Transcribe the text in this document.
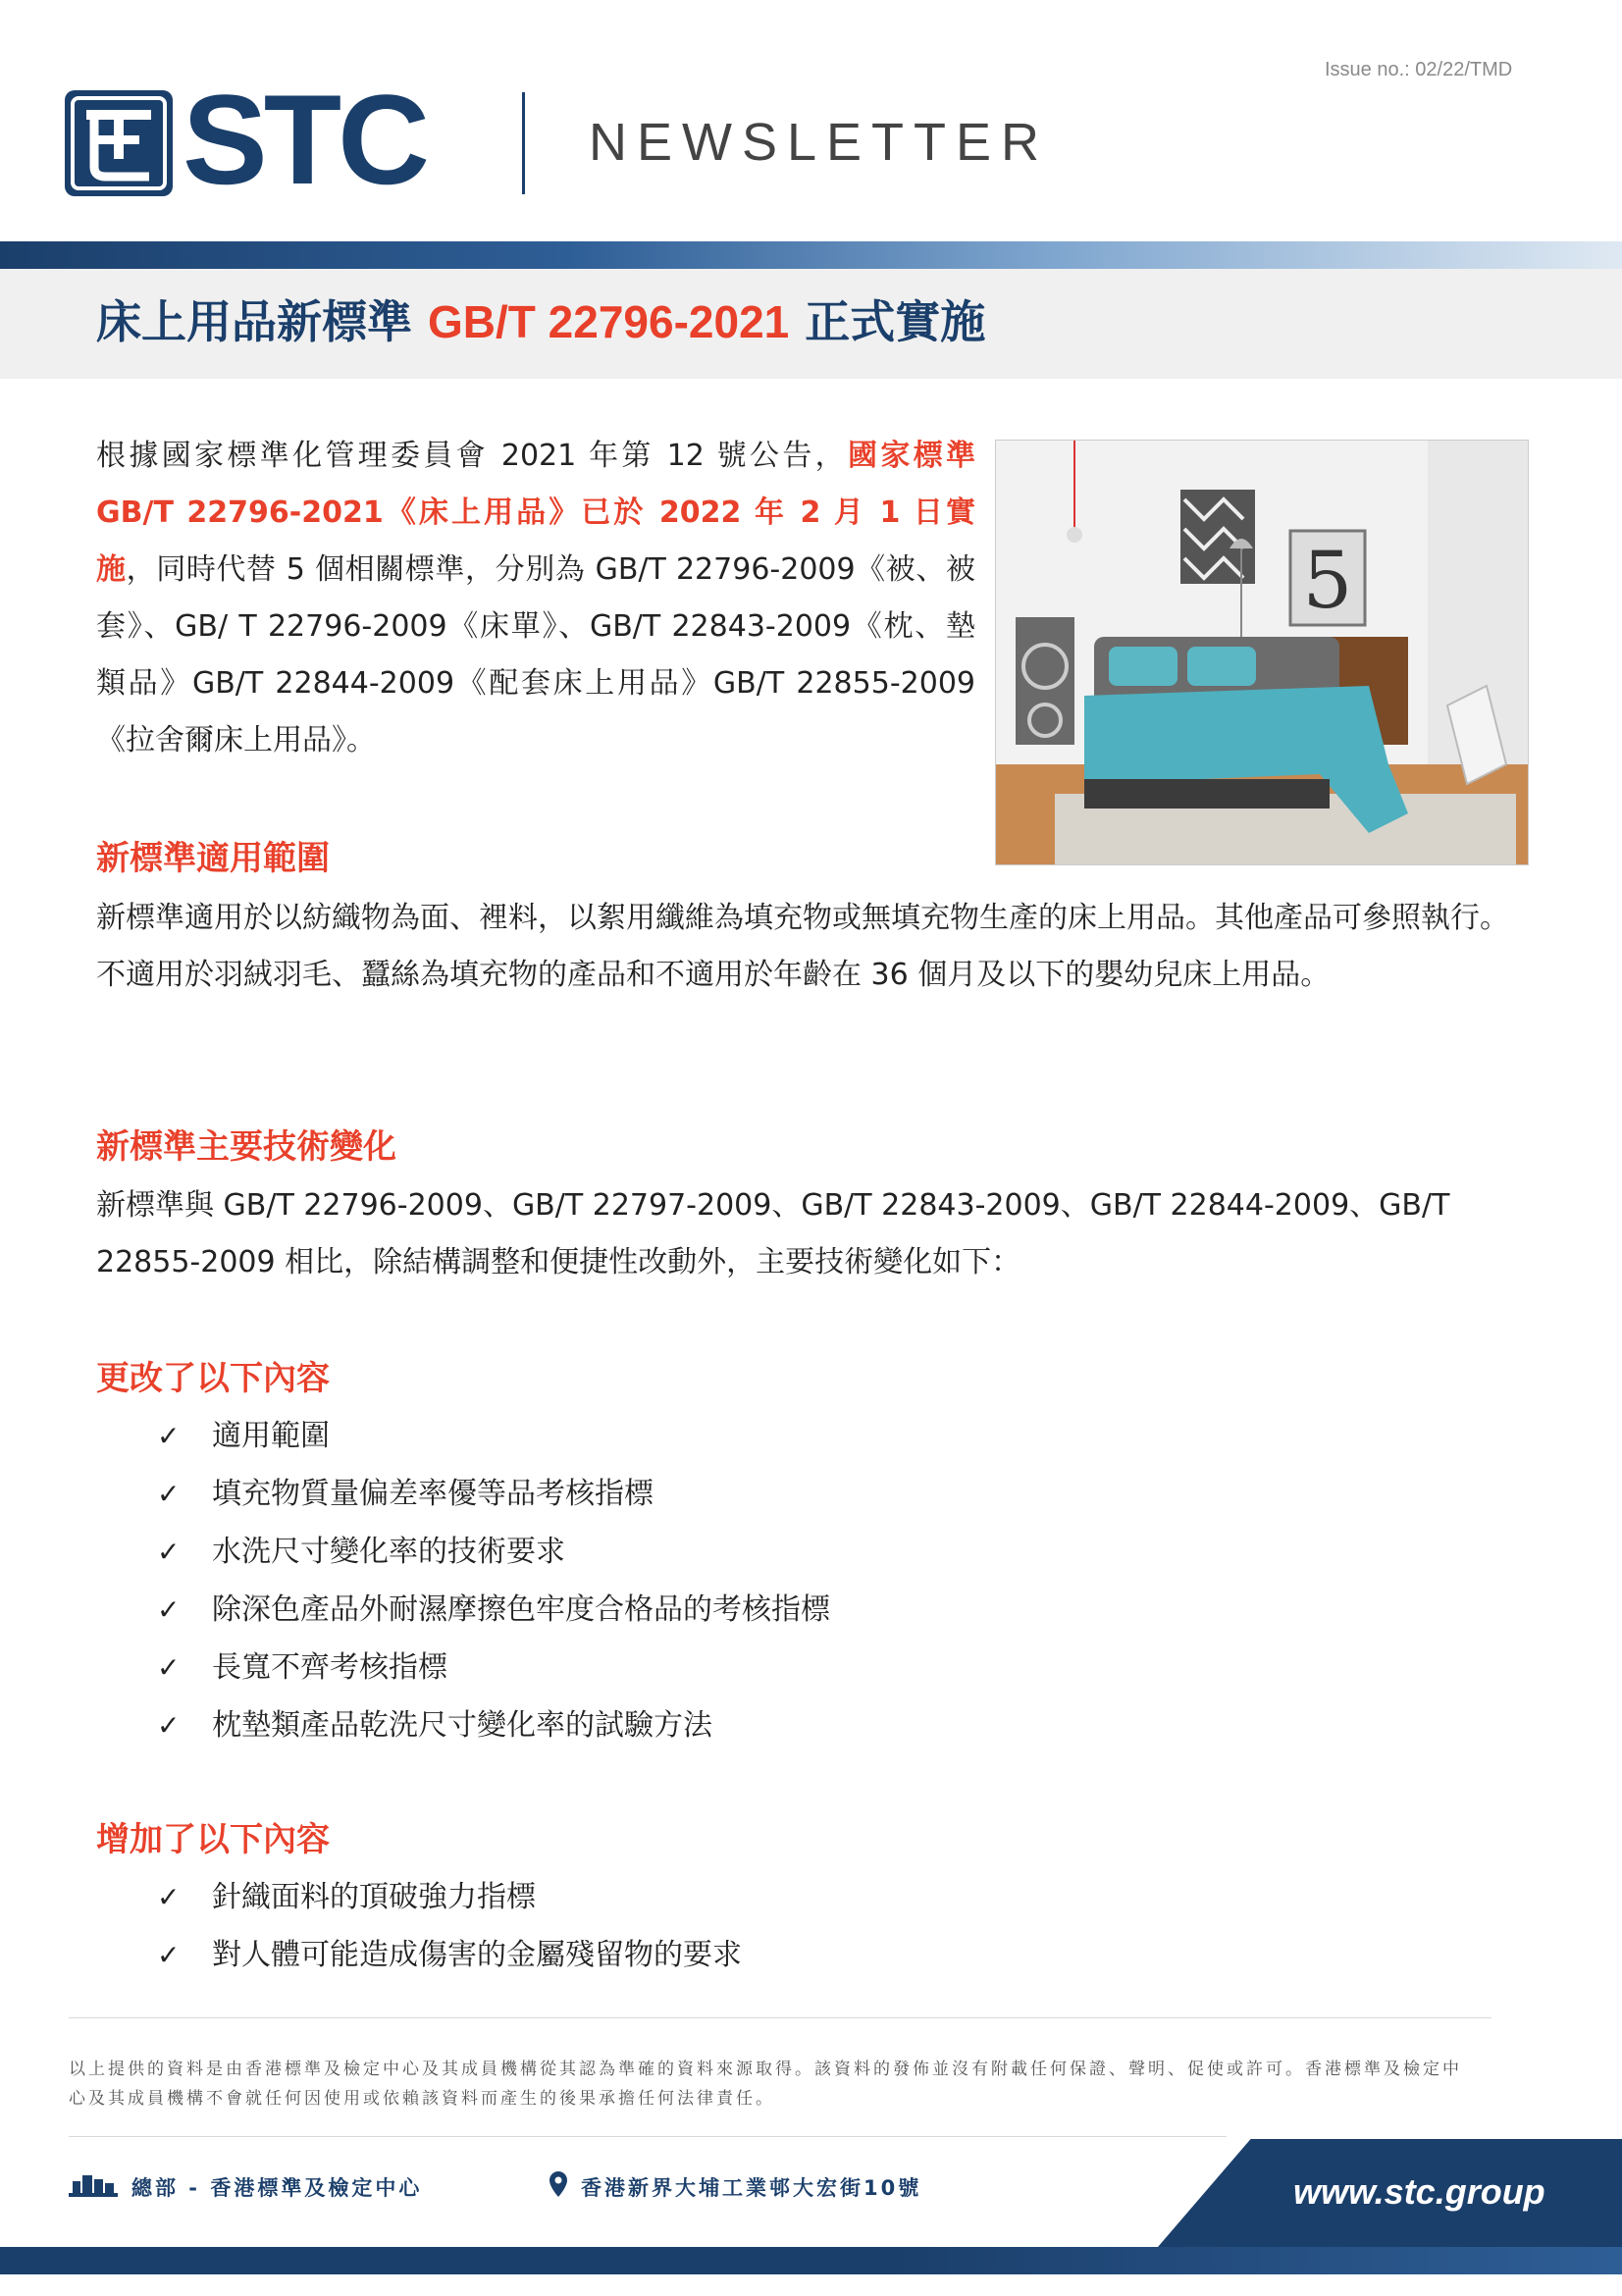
Issue no.: 02/22/TMD
STC	NEWSLETTER
床上用品新標準 GB/T 22796-2021 正式實施
根據國家標準化管理委員會 2021 年第 12 號公告，國家標準 GB/T 22796-2021《床上用品》已於 2022 年 2 月 1 日實施，同時代替 5 個相關標準，分別為 GB/T 22796-2009《被、被套》、GB/ T 22796-2009《床單》、GB/T 22843-2009《枕、墊類品》GB/T 22844-2009《配套床上用品》GB/T 22855-2009《拉舍爾床上用品》。
5
新標準適用範圍
新標準適用於以紡織物為面、裡料，以絮用纖維為填充物或無填充物生產的床上用品。其他產品可參照執行。不適用於羽絨羽毛、蠶絲為填充物的產品和不適用於年齡在 36 個月及以下的嬰幼兒床上用品。
新標準主要技術變化
新標準與 GB/T 22796-2009、GB/T 22797-2009、GB/T 22843-2009、GB/T 22844-2009、GB/T 22855-2009 相比，除結構調整和便捷性改動外，主要技術變化如下：
更改了以下內容
✓ 適用範圍
✓ 填充物質量偏差率優等品考核指標
✓ 水洗尺寸變化率的技術要求
✓ 除深色產品外耐濕摩擦色牢度合格品的考核指標
✓ 長寬不齊考核指標
✓ 枕墊類產品乾洗尺寸變化率的試驗方法
增加了以下內容
✓ 針織面料的頂破強力指標
✓ 對人體可能造成傷害的金屬殘留物的要求
以上提供的資料是由香港標準及檢定中心及其成員機構從其認為準確的資料來源取得。該資料的發佈並沒有附載任何保證、聲明、促使或許可。香港標準及檢定中心及其成員機構不會就任何因使用或依賴該資料而產生的後果承擔任何法律責任。
總部 - 香港標準及檢定中心	香港新界大埔工業邨大宏街10號	www.stc.group
